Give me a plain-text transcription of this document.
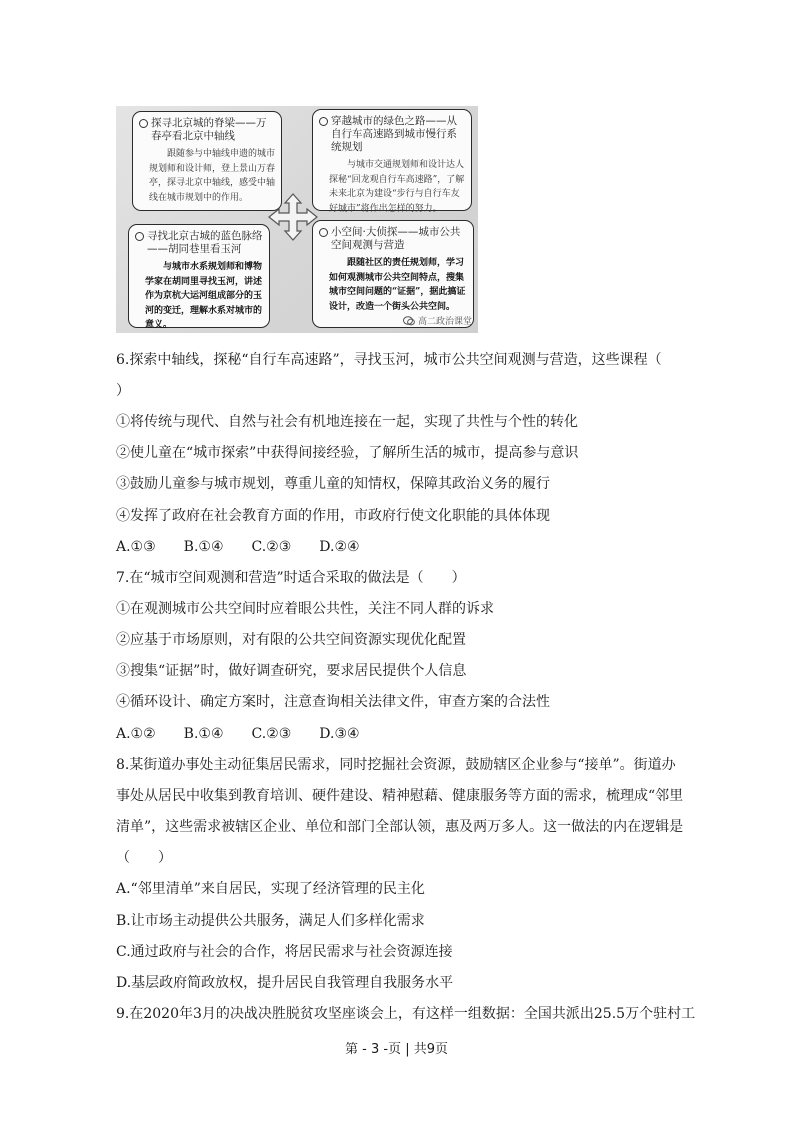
探寻北京城的脊梁——万春亭看北京中轴线
跟随参与中轴线申遗的城市规划师和设计师，登上景山万春亭，探寻北京中轴线，感受中轴线在城市规划中的作用。
穿越城市的绿色之路——从自行车高速路到城市慢行系统规划
与城市交通规划师和设计达人探秘“回龙观自行车高速路”，了解未来北京为建设“步行与自行车友好城市”将作出怎样的努力。
寻找北京古城的蓝色脉络——胡同巷里看玉河
与城市水系规划师和博物学家在胡同里寻找玉河，讲述作为京杭大运河组成部分的玉河的变迁，理解水系对城市的意义。
小空间·大侦探——城市公共空间观测与营造
跟随社区的责任规划师，学习如何观测城市公共空间特点，搜集城市空间问题的“证据”，据此搞证设计，改造一个街头公共空间。
高二政治课堂
6.探索中轴线，探秘“自行车高速路”，寻找玉河，城市公共空间观测与营造，这些课程（
）
①将传统与现代、自然与社会有机地连接在一起，实现了共性与个性的转化
②使儿童在“城市探索”中获得间接经验，了解所生活的城市，提高参与意识
③鼓励儿童参与城市规划，尊重儿童的知情权，保障其政治义务的履行
④发挥了政府在社会教育方面的作用，市政府行使文化职能的具体体现
A.①③　　B.①④　　C.②③　　D.②④
7.在“城市空间观测和营造”时适合采取的做法是（　　）
①在观测城市公共空间时应着眼公共性，关注不同人群的诉求
②应基于市场原则，对有限的公共空间资源实现优化配置
③搜集“证据”时，做好调查研究，要求居民提供个人信息
④循环设计、确定方案时，注意查询相关法律文件，审查方案的合法性
A.①②　　B.①④　　C.②③　　D.③④
8.某街道办事处主动征集居民需求，同时挖掘社会资源，鼓励辖区企业参与“接单”。街道办
事处从居民中收集到教育培训、硬件建设、精神慰藉、健康服务等方面的需求，梳理成“邻里
清单”，这些需求被辖区企业、单位和部门全部认领，惠及两万多人。这一做法的内在逻辑是
（　　）
A.“邻里清单”来自居民，实现了经济管理的民主化
B.让市场主动提供公共服务，满足人们多样化需求
C.通过政府与社会的合作，将居民需求与社会资源连接
D.基层政府简政放权，提升居民自我管理自我服务水平
9.在2020年3月的决战决胜脱贫攻坚座谈会上，有这样一组数据：全国共派出25.5万个驻村工
第 - 3 -页 | 共9页
